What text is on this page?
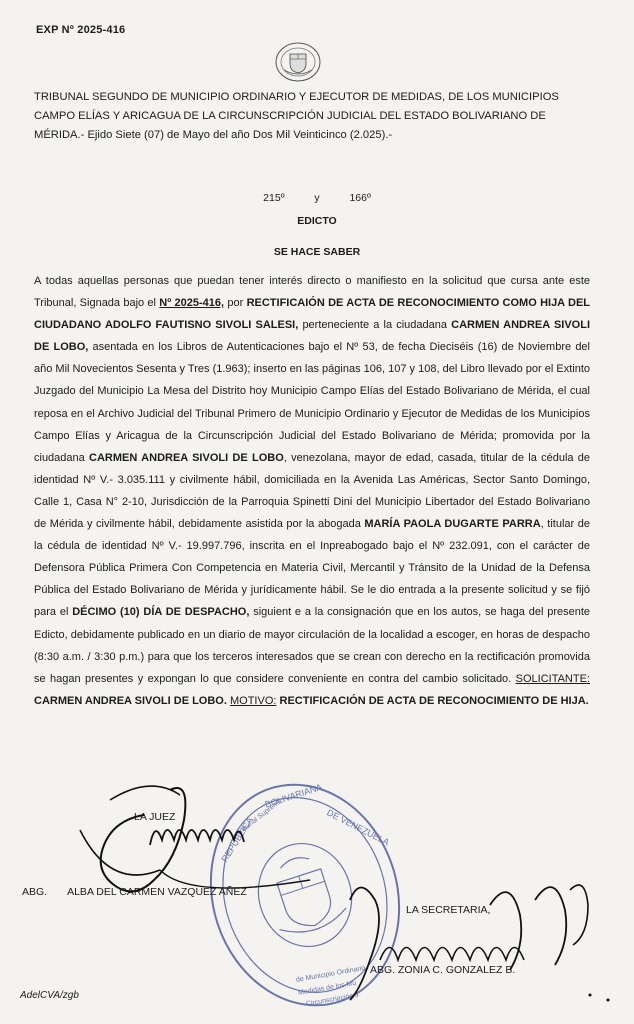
EXP Nº 2025-416
TRIBUNAL SEGUNDO DE MUNICIPIO ORDINARIO Y EJECUTOR DE MEDIDAS, DE LOS MUNICIPIOS
CAMPO ELÍAS Y ARICAGUA DE LA CIRCUNSCRIPCIÓN JUDICIAL DEL ESTADO BOLIVARIANO DE
MÉRIDA.- Ejido Siete (07) de Mayo del año Dos Mil Veinticinco (2.025).-
215º	y	166º
EDICTO
SE HACE SABER
A todas aquellas personas que puedan tener interés directo o manifiesto en la solicitud que cursa ante este Tribunal, Signada bajo el Nº 2025-416, por RECTIFICAIÓN DE ACTA DE RECONOCIMIENTO COMO HIJA DEL CIUDADANO ADOLFO FAUTISNO SIVOLI SALESI, perteneciente a la ciudadana CARMEN ANDREA SIVOLI DE LOBO, asentada en los Libros de Autenticaciones bajo el Nº 53, de fecha Dieciséis (16) de Noviembre del año Mil Novecientos Sesenta y Tres (1.963); inserto en las páginas 106, 107 y 108, del Libro llevado por el Extinto Juzgado del Municipio La Mesa del Distrito hoy Municipio Campo Elías del Estado Bolivariano de Mérida, el cual reposa en el Archivo Judicial del Tribunal Primero de Municipio Ordinario y Ejecutor de Medidas de los Municipios Campo Elías y Aricagua de la Circunscripción Judicial del Estado Bolivariano de Mérida; promovida por la ciudadana CARMEN ANDREA SIVOLI DE LOBO, venezolana, mayor de edad, casada, titular de la cédula de identidad Nº V.- 3.035.111 y civilmente hábil, domiciliada en la Avenida Las Américas, Sector Santo Domingo, Calle 1, Casa N° 2-10, Jurisdicción de la Parroquia Spinetti Dini del Municipio Libertador del Estado Bolivariano de Mérida y civilmente hábil, debidamente asistida por la abogada MARÍA PAOLA DUGARTE PARRA, titular de la cédula de identidad Nº V.- 19.997.796, inscrita en el Inpreabogado bajo el Nº 232.091, con el carácter de Defensora Pública Primera Con Competencia en Materia Civil, Mercantil y Tránsito de la Unidad de la Defensa Pública del Estado Bolivariano de Mérida y jurídicamente hábil. Se le dio entrada a la presente solicitud y se fijó para el DÉCIMO (10) DÍA DE DESPACHO, siguient e a la consignación que en los autos, se haga del presente Edicto, debidamente publicado en un diario de mayor circulación de la localidad a escoger, en horas de despacho (8:30 a.m. / 3:30 p.m.) para que los terceros interesados que se crean con derecho en la rectificación promovida se hagan presentes y expongan lo que considere conveniente en contra del cambio solicitado. SOLICITANTE: CARMEN ANDREA SIVOLI DE LOBO. MOTIVO: RECTIFICACIÓN DE ACTA DE RECONOCIMIENTO DE HIJA.
REPUBLICA
BOLIVARIANA
DE VENEZUELA
Tribunal Supremo
de Municipio Ordinario
Medidas de los Mu
Circunscripción J
LA JUEZ
ABG. ALBA DEL CARMEN VAZQUEZ AÑEZ
LA SECRETARIA,
ABG. ZONIA C. GONZALEZ B.
AdelCVA/zgb
